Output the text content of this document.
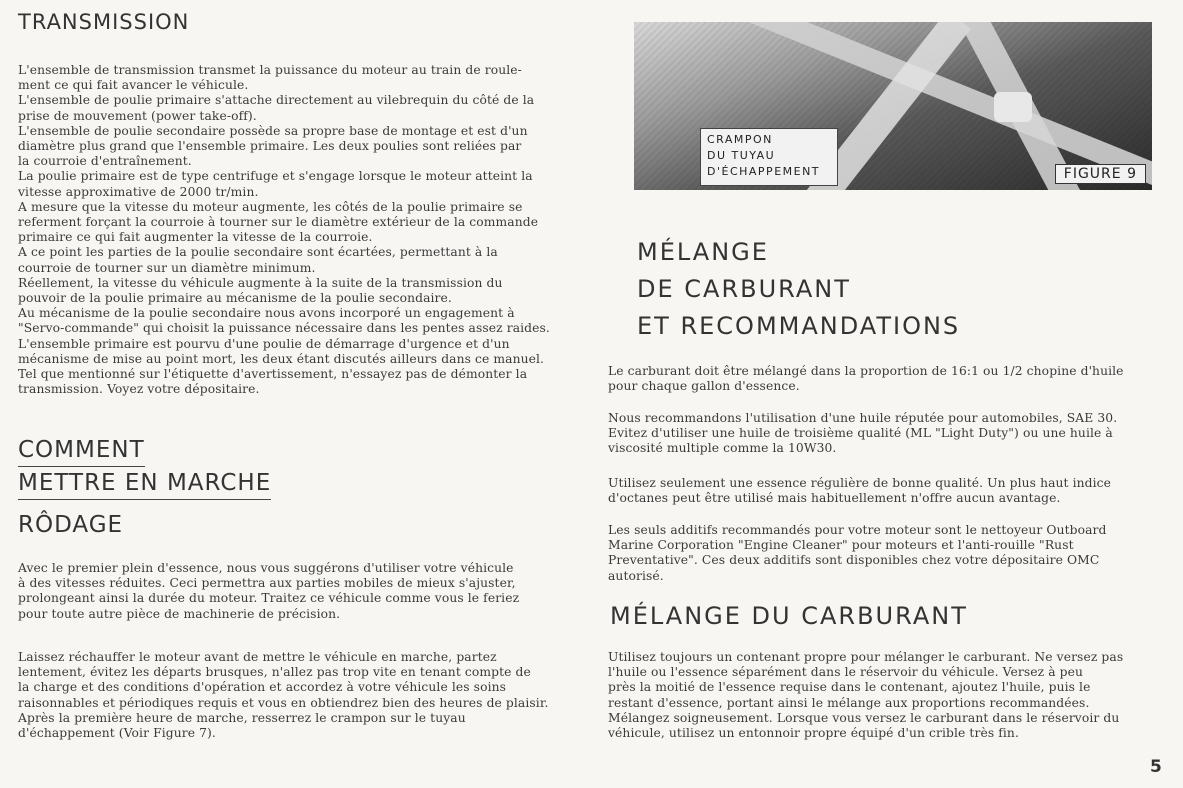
TRANSMISSION
L'ensemble de transmission transmet la puissance du moteur au train de roule-
ment ce qui fait avancer le véhicule.
L'ensemble de poulie primaire s'attache directement au vilebrequin du côté de la
prise de mouvement (power take-off).
L'ensemble de poulie secondaire possède sa propre base de montage et est d'un
diamètre plus grand que l'ensemble primaire. Les deux poulies sont reliées par
la courroie d'entraînement.
La poulie primaire est de type centrifuge et s'engage lorsque le moteur atteint la
vitesse approximative de 2000 tr/min.
A mesure que la vitesse du moteur augmente, les côtés de la poulie primaire se
referment forçant la courroie à tourner sur le diamètre extérieur de la commande
primaire ce qui fait augmenter la vitesse de la courroie.
A ce point les parties de la poulie secondaire sont écartées, permettant à la
courroie de tourner sur un diamètre minimum.
Réellement, la vitesse du véhicule augmente à la suite de la transmission du
pouvoir de la poulie primaire au mécanisme de la poulie secondaire.
Au mécanisme de la poulie secondaire nous avons incorporé un engagement à
"Servo-commande" qui choisit la puissance nécessaire dans les pentes assez raides.
L'ensemble primaire est pourvu d'une poulie de démarrage d'urgence et d'un
mécanisme de mise au point mort, les deux étant discutés ailleurs dans ce manuel.
Tel que mentionné sur l'étiquette d'avertissement, n'essayez pas de démonter la
transmission. Voyez votre dépositaire.
COMMENT
METTRE EN MARCHE
RÔDAGE
Avec le premier plein d'essence, nous vous suggérons d'utiliser votre véhicule
à des vitesses réduites. Ceci permettra aux parties mobiles de mieux s'ajuster,
prolongeant ainsi la durée du moteur. Traitez ce véhicule comme vous le feriez
pour toute autre pièce de machinerie de précision.
Laissez réchauffer le moteur avant de mettre le véhicule en marche, partez
lentement, évitez les départs brusques, n'allez pas trop vite en tenant compte de
la charge et des conditions d'opération et accordez à votre véhicule les soins
raisonnables et périodiques requis et vous en obtiendrez bien des heures de plaisir.
Après la première heure de marche, resserrez le crampon sur le tuyau
d'échappement (Voir Figure 7).
CRAMPON
DU TUYAU
D'ÉCHAPPEMENT	FIGURE 9
MÉLANGE
DE CARBURANT
ET RECOMMANDATIONS
Le carburant doit être mélangé dans la proportion de 16:1 ou 1/2 chopine d'huile
pour chaque gallon d'essence.
Nous recommandons l'utilisation d'une huile réputée pour automobiles, SAE 30.
Evitez d'utiliser une huile de troisième qualité (ML "Light Duty") ou une huile à
viscosité multiple comme la 10W30.
Utilisez seulement une essence régulière de bonne qualité. Un plus haut indice
d'octanes peut être utilisé mais habituellement n'offre aucun avantage.
Les seuls additifs recommandés pour votre moteur sont le nettoyeur Outboard
Marine Corporation "Engine Cleaner" pour moteurs et l'anti-rouille "Rust
Preventative". Ces deux additifs sont disponibles chez votre dépositaire OMC
autorisé.
MÉLANGE DU CARBURANT
Utilisez toujours un contenant propre pour mélanger le carburant. Ne versez pas
l'huile ou l'essence séparément dans le réservoir du véhicule. Versez à peu
près la moitié de l'essence requise dans le contenant, ajoutez l'huile, puis le
restant d'essence, portant ainsi le mélange aux proportions recommandées.
Mélangez soigneusement. Lorsque vous versez le carburant dans le réservoir du
véhicule, utilisez un entonnoir propre équipé d'un crible très fin.
5
